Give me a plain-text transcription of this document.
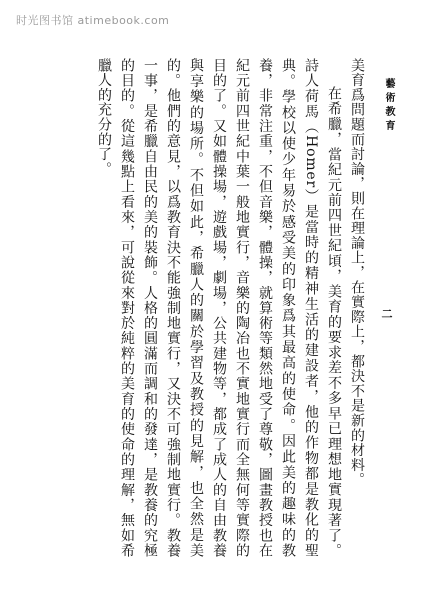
时光图书馆 atimebook.com
藝術教育
二

美育爲問題而討論，則在理論上，在實際上，都決不是新的材料。

在希臘，當紀元前四世紀頃，美育的要求差不多早已理想地實現著了。詩人荷馬（Homer）是當時的精神生活的建設者，他的作物都是教化的聖典。學校以使少年易於感受美的印象爲其最高的使命。因此美的趣味的教養，非常注重，不但音樂，體操，就算術等類然地受了尊敬，圖畫教授也在紀元前四世紀中葉一般地實行，音樂的陶冶也不實地實行而全無何等實際的目的了。又如體操場，遊戲場，劇場，公共建物等，都成了成人的自由教養與享樂的場所。不但如此，希臘人的關於學習及教授的見解，也全然是美的。他們的意見，以爲教育決不能強制地實行，又決不可強制地實行。教養一事，是希臘自由民的美的裝飾。人格的圓滿而調和的發達，是教養的究極的目的。從這幾點上看來，可說從來對於純粹的美育的使命的理解，無如希臘人的充分的了。
